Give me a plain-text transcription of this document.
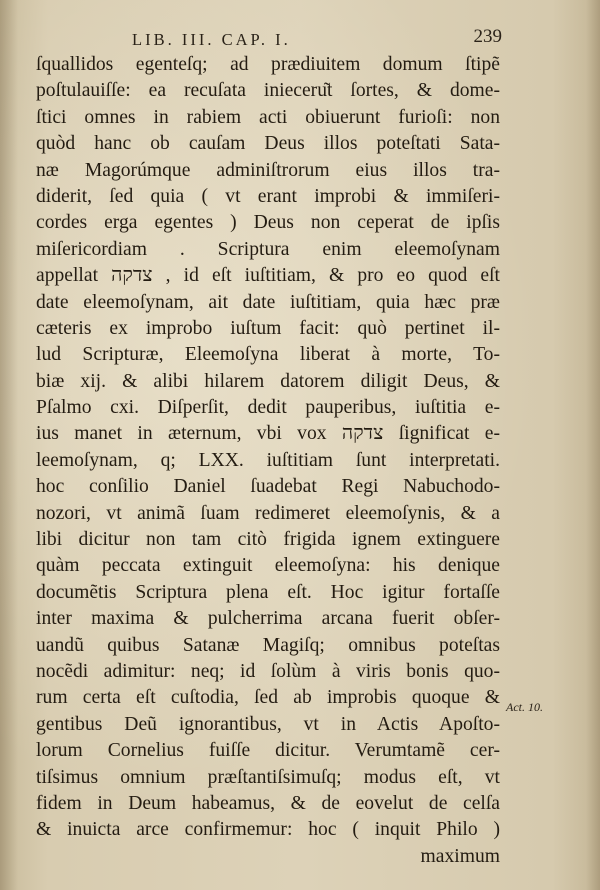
LIB. III. CAP. I.	239
ſquallidos egenteſq; ad prædiuitem domum ſtipẽ
poſtulauiſſe: ea recuſata inieceru͂t ſortes, & dome-
ſtici omnes in rabiem acti obiuerunt furioſi: non
quòd hanc ob cauſam Deus illos poteſtati Sata-
næ Magorúmque adminiſtrorum eius illos tra-
diderit, ſed quia ( vt erant improbi & immiſeri-
cordes erga egentes ) Deus non ceperat de ipſis
miſericordiam . Scriptura enim eleemoſynam
appellat צדקה , id eſt iuſtitiam, & pro eo quod eſt
date eleemoſynam, ait date iuſtitiam, quia hæc præ
cæteris ex improbo iuſtum facit: quò pertinet il-
lud Scripturæ, Eleemoſyna liberat à morte, To-
biæ xij. & alibi hilarem datorem diligit Deus, &
Pſalmo cxi. Diſperſit, dedit pauperibus, iuſtitia e-
ius manet in æternum, vbi vox צדקה ſignificat e-
leemoſynam, q; LXX. iuſtitiam ſunt interpretati.
hoc conſilio Daniel ſuadebat Regi Nabuchodo-
nozori, vt animã ſuam redimeret eleemoſynis, & a
libi dicitur non tam citò frigida ignem extinguere
quàm peccata extinguit eleemoſyna: his denique
documẽtis Scriptura plena eſt. Hoc igitur fortaſſe
inter maxima & pulcherrima arcana fuerit obſer-
uandũ quibus Satanæ Magiſq; omnibus poteſtas
nocẽdi adimitur: neq; id ſolùm à viris bonis quo-
rum certa eſt cuſtodia, ſed ab improbis quoque &
gentibus Deũ ignorantibus, vt in Actis Apoſto-
lorum Cornelius fuiſſe dicitur. Verumtamẽ cer-
tiſsimus omnium præſtantiſsimuſq; modus eſt, vt
fidem in Deum habeamus, & de eovelut de celſa
& inuicta arce confirmemur: hoc ( inquit Philo )
maximum
Act. 10.
